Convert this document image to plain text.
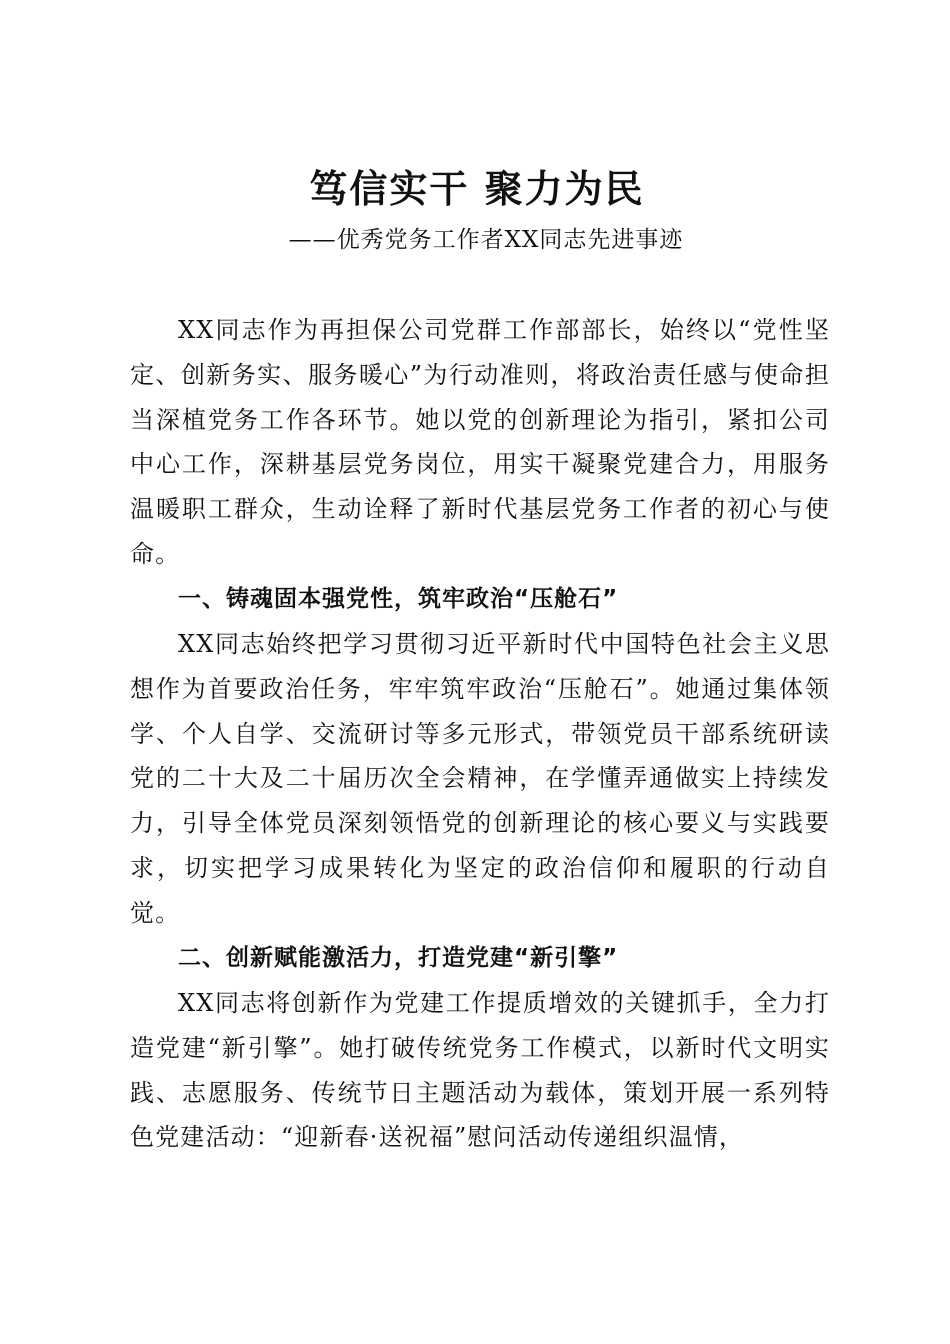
笃信实干 聚力为民

——优秀党务工作者XX同志先进事迹

XX同志作为再担保公司党群工作部部长，始终以“党性坚定、创新务实、服务暖心”为行动准则，将政治责任感与使命担当深植党务工作各环节。她以党的创新理论为指引，紧扣公司中心工作，深耕基层党务岗位，用实干凝聚党建合力，用服务温暖职工群众，生动诠释了新时代基层党务工作者的初心与使命。

一、铸魂固本强党性，筑牢政治“压舱石”

XX同志始终把学习贯彻习近平新时代中国特色社会主义思想作为首要政治任务，牢牢筑牢政治“压舱石”。她通过集体领学、个人自学、交流研讨等多元形式，带领党员干部系统研读党的二十大及二十届历次全会精神，在学懂弄通做实上持续发力，引导全体党员深刻领悟党的创新理论的核心要义与实践要求，切实把学习成果转化为坚定的政治信仰和履职的行动自觉。

二、创新赋能激活力，打造党建“新引擎”

XX同志将创新作为党建工作提质增效的关键抓手，全力打造党建“新引擎”。她打破传统党务工作模式，以新时代文明实践、志愿服务、传统节日主题活动为载体，策划开展一系列特色党建活动：“迎新春·送祝福”慰问活动传递组织温情，
